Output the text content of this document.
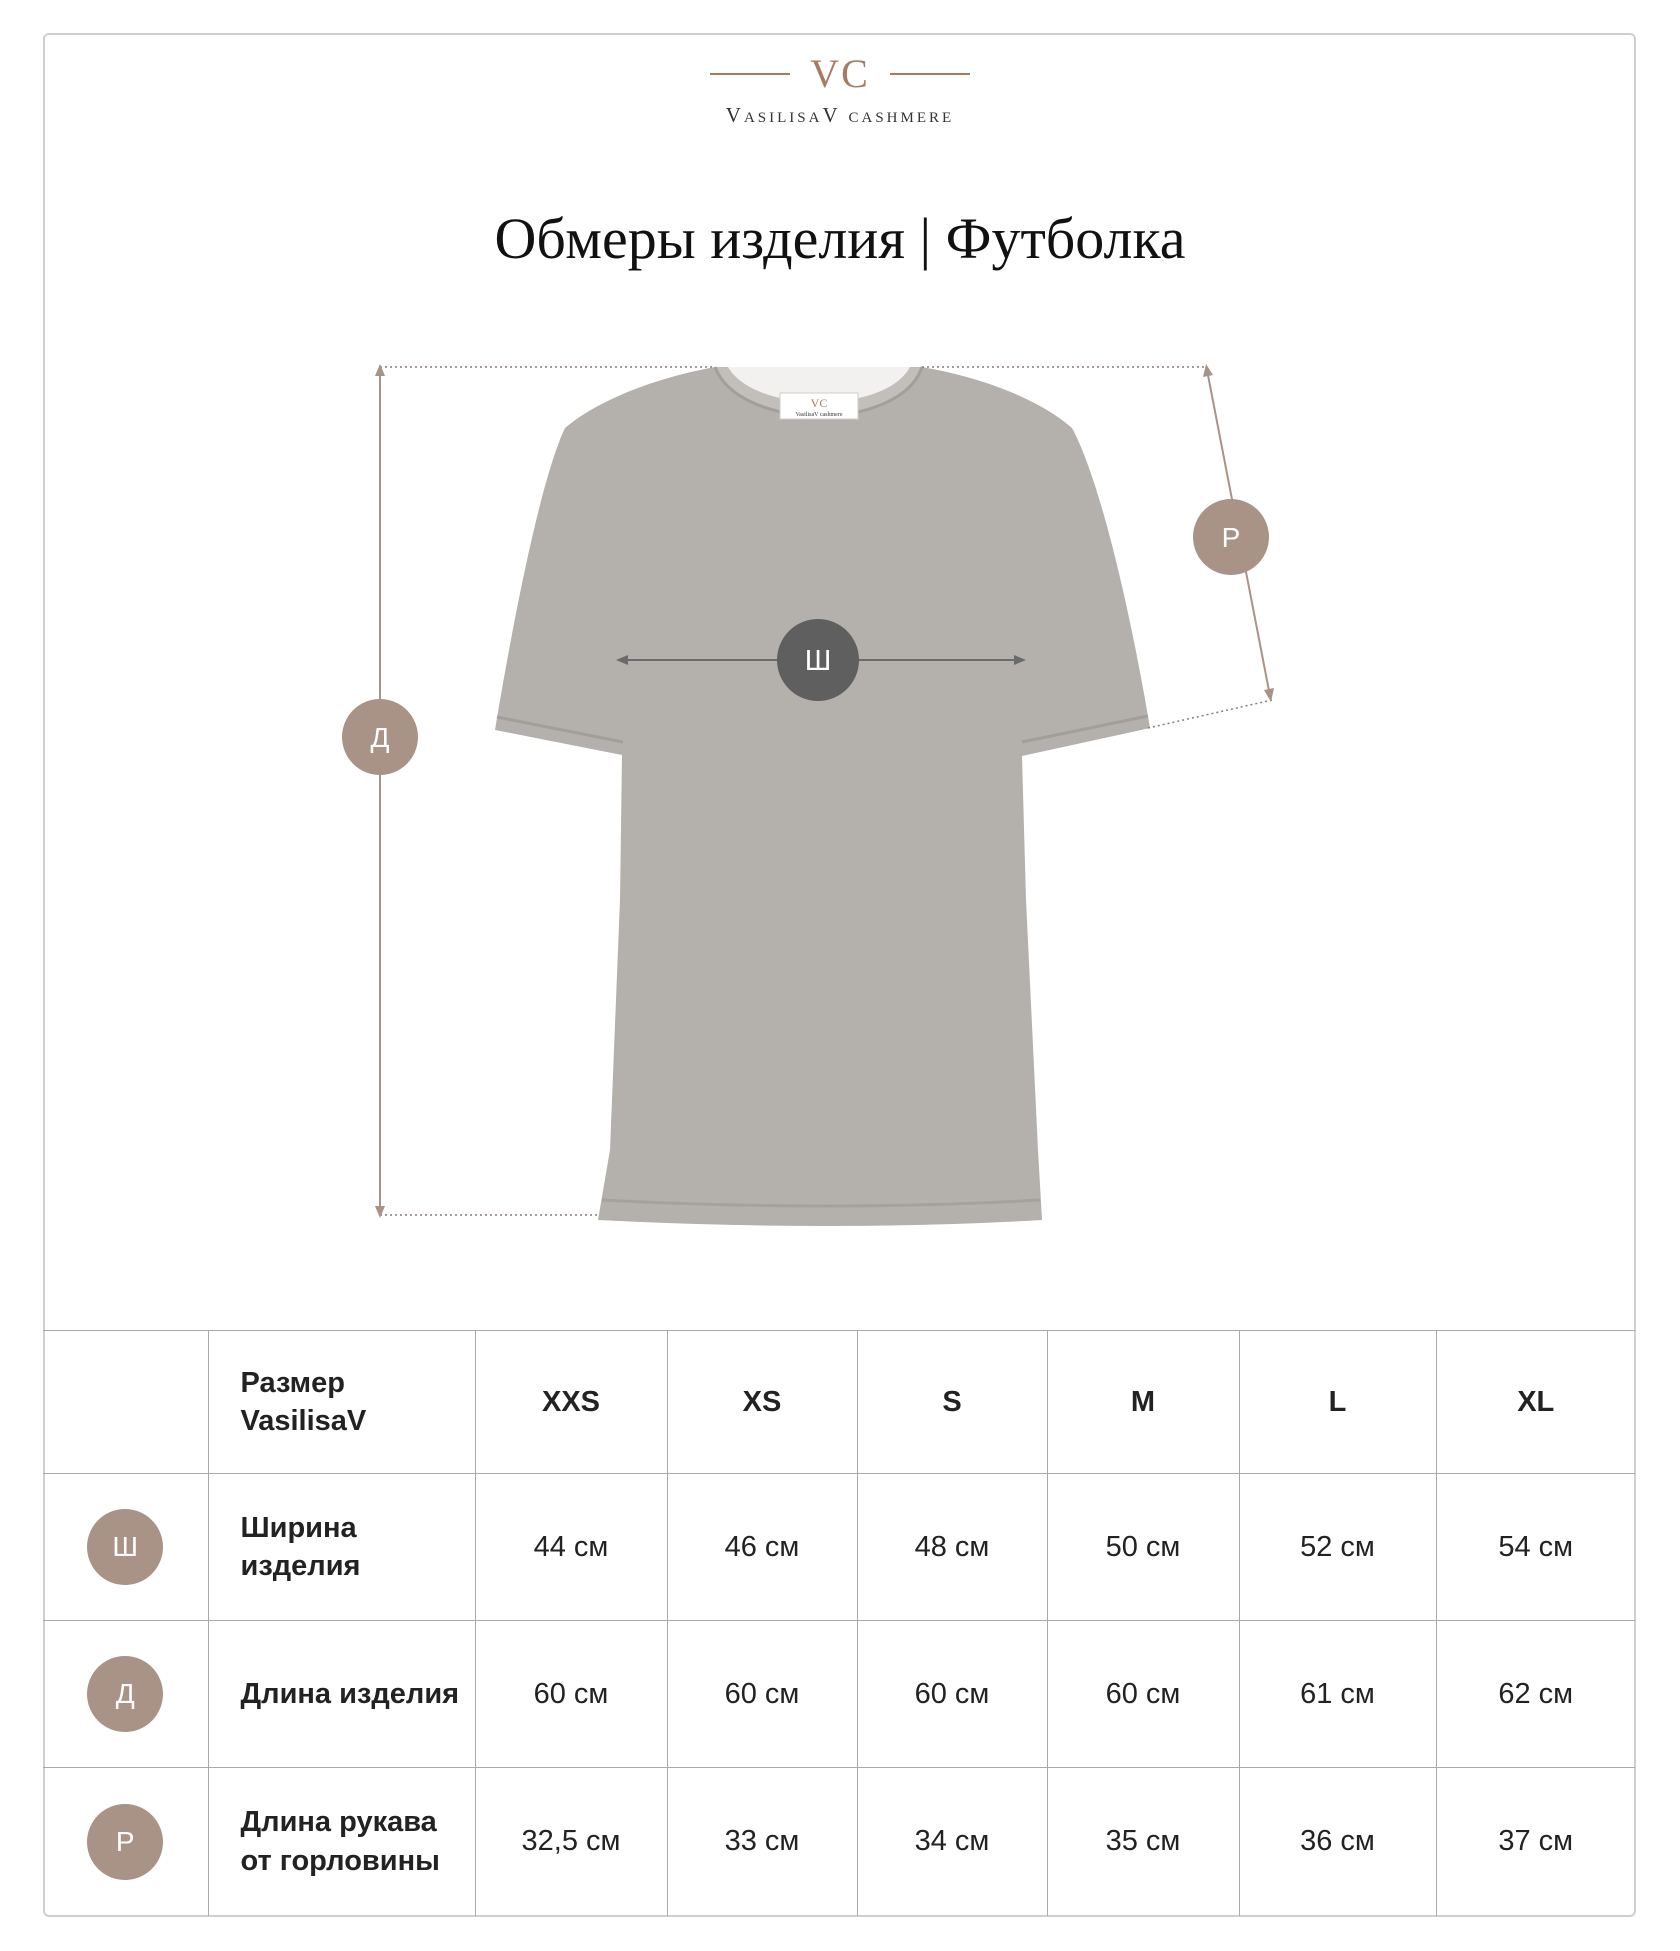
VC
VasilisaV cashmere
Обмеры изделия | Футболка
VC
VasilisaV cashmere
Д
Ш
Р
	Размер VasilisaV	XXS	XS	S	M	L	XL
Ш	Ширина изделия	44 см	46 см	48 см	50 см	52 см	54 см
Д	Длина изделия	60 см	60 см	60 см	60 см	61 см	62 см
Р	Длина рукава от горловины	32,5 см	33 см	34 см	35 см	36 см	37 см
